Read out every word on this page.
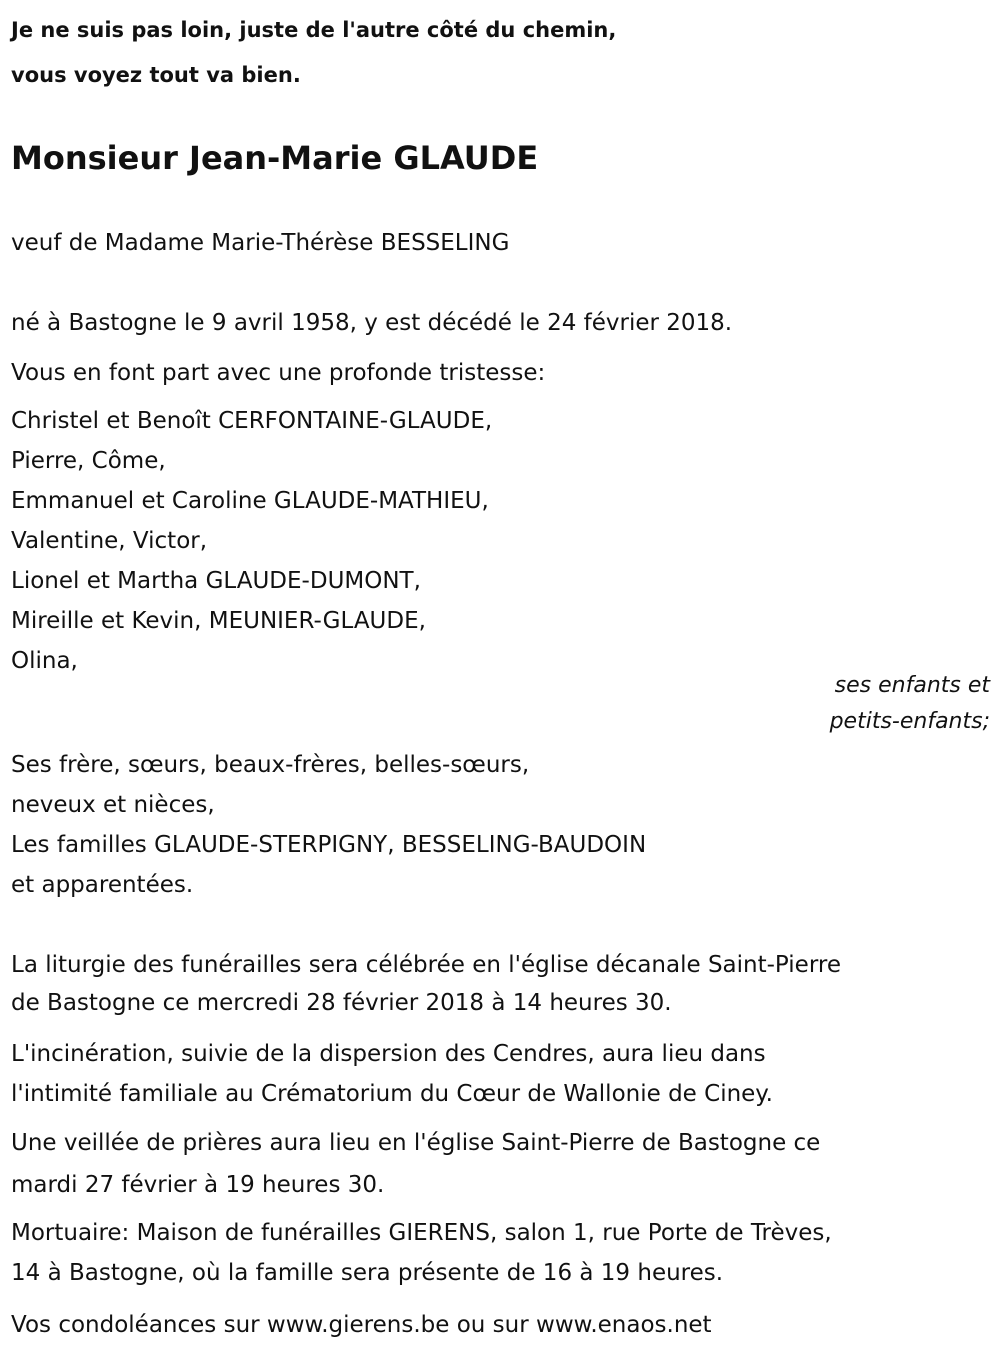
Je ne suis pas loin, juste de l'autre côté du chemin,
vous voyez tout va bien.
Monsieur Jean-Marie GLAUDE
veuf de Madame Marie-Thérèse BESSELING
né à Bastogne le 9 avril 1958, y est décédé le 24 février 2018.
Vous en font part avec une profonde tristesse:
Christel et Benoît CERFONTAINE-GLAUDE,
Pierre, Côme,
Emmanuel et Caroline GLAUDE-MATHIEU,
Valentine, Victor,
Lionel et Martha GLAUDE-DUMONT,
Mireille et Kevin, MEUNIER-GLAUDE,
Olina,
ses enfants et
petits-enfants;
Ses frère, sœurs, beaux-frères, belles-sœurs,
neveux et nièces,
Les familles GLAUDE-STERPIGNY, BESSELING-BAUDOIN
et apparentées.
La liturgie des funérailles sera célébrée en l'église décanale Saint-Pierre
de Bastogne ce mercredi 28 février 2018 à 14 heures 30.
L'incinération, suivie de la dispersion des Cendres, aura lieu dans
l'intimité familiale au Crématorium du Cœur de Wallonie de Ciney.
Une veillée de prières aura lieu en l'église Saint-Pierre de Bastogne ce
mardi 27 février à 19 heures 30.
Mortuaire: Maison de funérailles GIERENS, salon 1, rue Porte de Trèves,
14 à Bastogne, où la famille sera présente de 16 à 19 heures.
Vos condoléances sur www.gierens.be ou sur www.enaos.net
